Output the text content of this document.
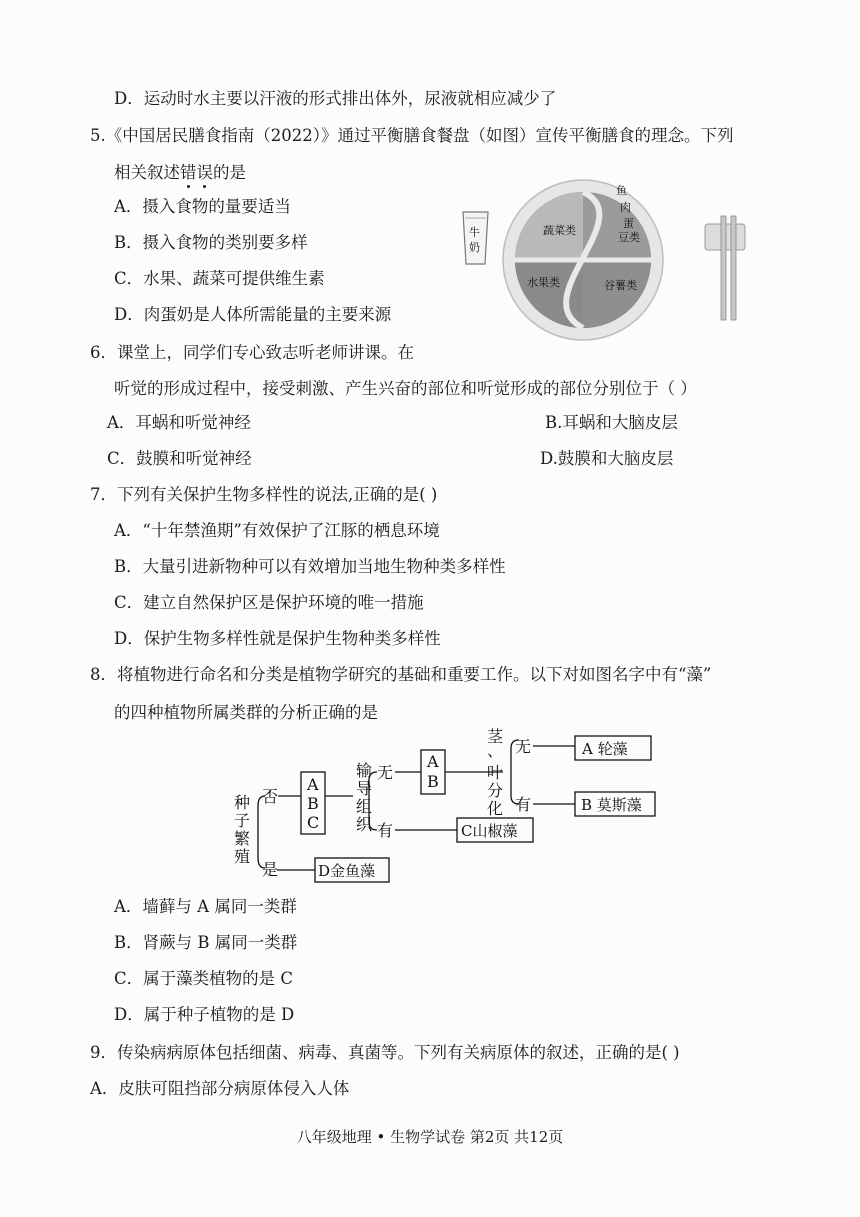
D．运动时水主要以汗液的形式排出体外，尿液就相应减少了
5.《中国居民膳食指南（2022）》通过平衡膳食餐盘（如图）宣传平衡膳食的理念。下列
相关叙述错误的是
A．摄入食物的量要适当
B．摄入食物的类别要多样
C．水果、蔬菜可提供维生素
D．肉蛋奶是人体所需能量的主要来源
牛
奶
蔬菜类
鱼
肉
蛋
豆类
水果类	谷薯类
6．课堂上，同学们专心致志听老师讲课。在
听觉的形成过程中，接受刺激、产生兴奋的部位和听觉形成的部位分别位于（ ）
A．耳蜗和听觉神经	B.耳蜗和大脑皮层
C．鼓膜和听觉神经	D.鼓膜和大脑皮层
7．下列有关保护生物多样性的说法,正确的是( )
A．“十年禁渔期”有效保护了江豚的栖息环境
B．大量引进新物种可以有效增加当地生物种类多样性
C．建立自然保护区是保护环境的唯一措施
D．保护生物多样性就是保护生物种类多样性
8．将植物进行命名和分类是植物学研究的基础和重要工作。以下对如图名字中有“藻”
的四种植物所属类群的分析正确的是
种
子
繁
殖
否
是
A
B
C
输
导
组
织
无
有
A
B
茎
、
叶
分
化
无
有
A 轮藻
B 莫斯藻
C山椒藻
D金鱼藻
A．墙藓与 A 属同一类群
B．肾蕨与 B 属同一类群
C．属于藻类植物的是 C
D．属于种子植物的是 D
9．传染病病原体包括细菌、病毒、真菌等。下列有关病原体的叙述，正确的是( )
A．皮肤可阻挡部分病原体侵入人体
八年级地理 • 生物学试卷 第2页 共12页
